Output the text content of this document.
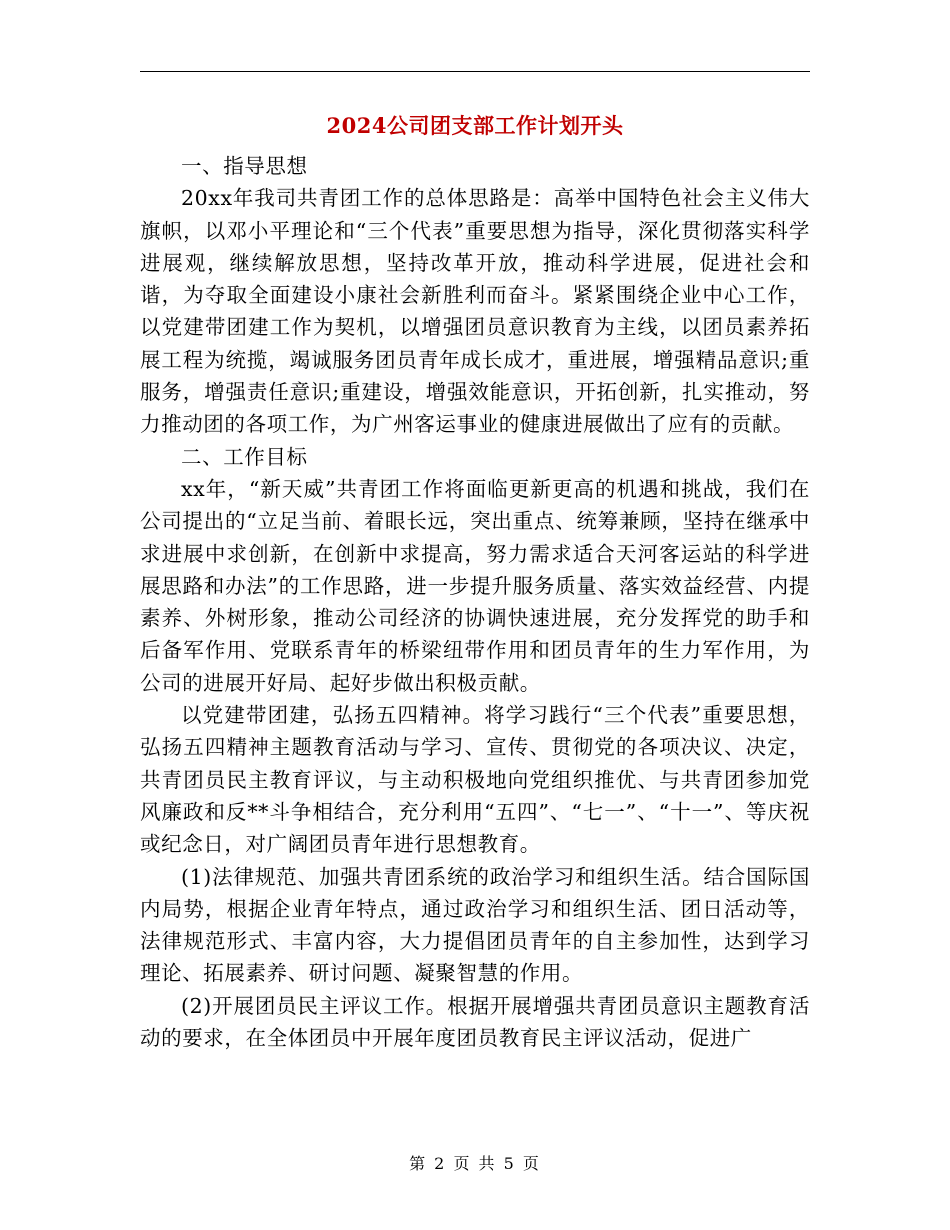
2024公司团支部工作计划开头

一、指导思想

20xx年我司共青团工作的总体思路是：高举中国特色社会主义伟大旗帜，以邓小平理论和“三个代表”重要思想为指导，深化贯彻落实科学进展观，继续解放思想，坚持改革开放，推动科学进展，促进社会和谐，为夺取全面建设小康社会新胜利而奋斗。紧紧围绕企业中心工作，以党建带团建工作为契机，以增强团员意识教育为主线，以团员素养拓展工程为统揽，竭诚服务团员青年成长成才，重进展，增强精品意识;重服务，增强责任意识;重建设，增强效能意识，开拓创新，扎实推动，努力推动团的各项工作，为广州客运事业的健康进展做出了应有的贡献。

二、工作目标

xx年，“新天威”共青团工作将面临更新更高的机遇和挑战，我们在公司提出的“立足当前、着眼长远，突出重点、统筹兼顾，坚持在继承中求进展中求创新，在创新中求提高，努力需求适合天河客运站的科学进展思路和办法”的工作思路，进一步提升服务质量、落实效益经营、内提素养、外树形象，推动公司经济的协调快速进展，充分发挥党的助手和后备军作用、党联系青年的桥梁纽带作用和团员青年的生力军作用，为公司的进展开好局、起好步做出积极贡献。

以党建带团建，弘扬五四精神。将学习践行“三个代表”重要思想，弘扬五四精神主题教育活动与学习、宣传、贯彻党的各项决议、决定，共青团员民主教育评议，与主动积极地向党组织推优、与共青团参加党风廉政和反**斗争相结合，充分利用“五四”、“七一”、“十一”、等庆祝或纪念日，对广阔团员青年进行思想教育。

(1)法律规范、加强共青团系统的政治学习和组织生活。结合国际国内局势，根据企业青年特点，通过政治学习和组织生活、团日活动等，法律规范形式、丰富内容，大力提倡团员青年的自主参加性，达到学习理论、拓展素养、研讨问题、凝聚智慧的作用。

(2)开展团员民主评议工作。根据开展增强共青团员意识主题教育活动的要求，在全体团员中开展年度团员教育民主评议活动，促进广

第 2 页 共 5 页
